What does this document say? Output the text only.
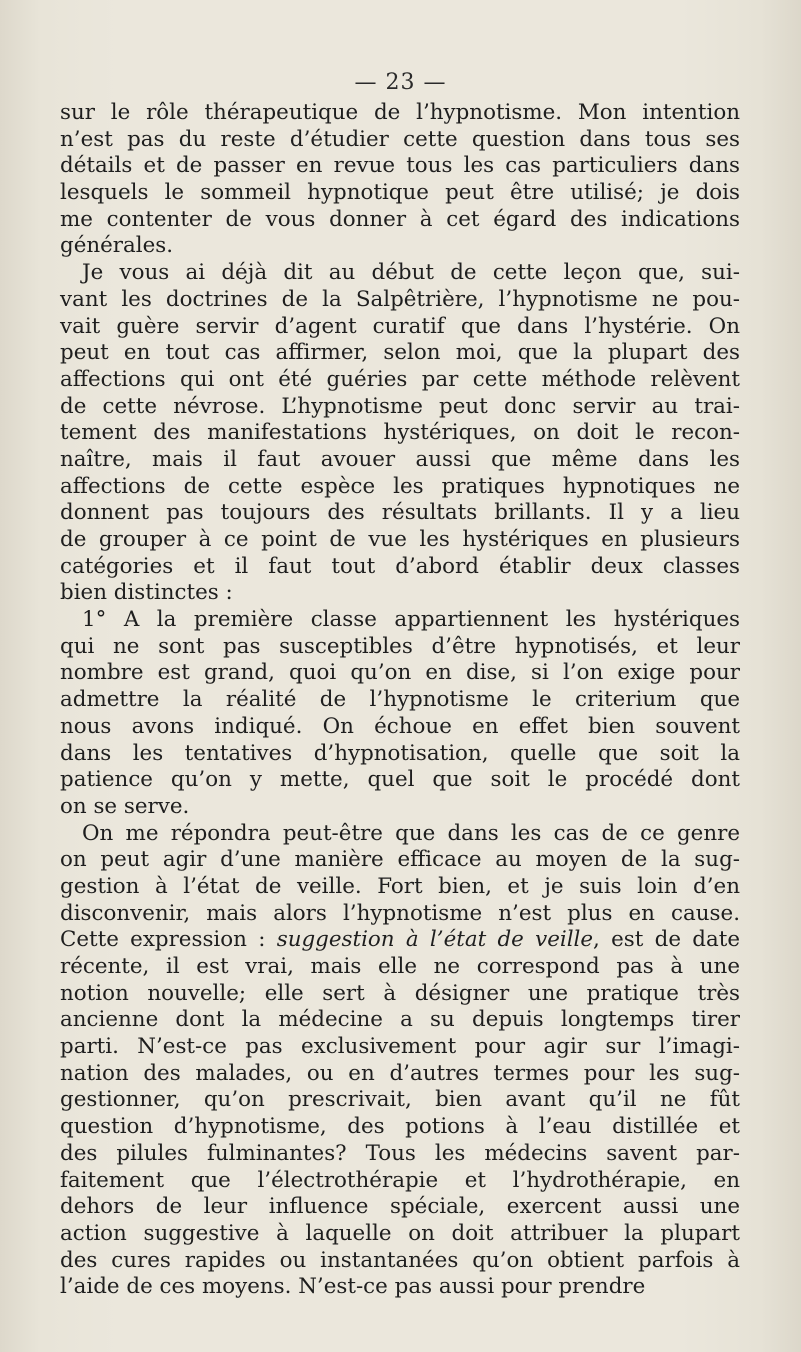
— 23 —
sur le rôle thérapeutique de l’hypnotisme. Mon intention
n’est pas du reste d’étudier cette question dans tous ses
détails et de passer en revue tous les cas particuliers dans
lesquels le sommeil hypnotique peut être utilisé; je dois
me contenter de vous donner à cet égard des indications
générales.
Je vous ai déjà dit au début de cette leçon que, sui-
vant les doctrines de la Salpêtrière, l’hypnotisme ne pou-
vait guère servir d’agent curatif que dans l’hystérie. On
peut en tout cas affirmer, selon moi, que la plupart des
affections qui ont été guéries par cette méthode relèvent
de cette névrose. L’hypnotisme peut donc servir au trai-
tement des manifestations hystériques, on doit le recon-
naître, mais il faut avouer aussi que même dans les
affections de cette espèce les pratiques hypnotiques ne
donnent pas toujours des résultats brillants. Il y a lieu
de grouper à ce point de vue les hystériques en plusieurs
catégories et il faut tout d’abord établir deux classes
bien distinctes :
1° A la première classe appartiennent les hystériques
qui ne sont pas susceptibles d’être hypnotisés, et leur
nombre est grand, quoi qu’on en dise, si l’on exige pour
admettre la réalité de l’hypnotisme le criterium que
nous avons indiqué. On échoue en effet bien souvent
dans les tentatives d’hypnotisation, quelle que soit la
patience qu’on y mette, quel que soit le procédé dont
on se serve.
On me répondra peut-être que dans les cas de ce genre
on peut agir d’une manière efficace au moyen de la sug-
gestion à l’état de veille. Fort bien, et je suis loin d’en
disconvenir, mais alors l’hypnotisme n’est plus en cause.
Cette expression : suggestion à l’état de veille, est de date
récente, il est vrai, mais elle ne correspond pas à une
notion nouvelle; elle sert à désigner une pratique très
ancienne dont la médecine a su depuis longtemps tirer
parti. N’est-ce pas exclusivement pour agir sur l’imagi-
nation des malades, ou en d’autres termes pour les sug-
gestionner, qu’on prescrivait, bien avant qu’il ne fût
question d’hypnotisme, des potions à l’eau distillée et
des pilules fulminantes? Tous les médecins savent par-
faitement que l’électrothérapie et l’hydrothérapie, en
dehors de leur influence spéciale, exercent aussi une
action suggestive à laquelle on doit attribuer la plupart
des cures rapides ou instantanées qu’on obtient parfois à
l’aide de ces moyens. N’est-ce pas aussi pour prendre
